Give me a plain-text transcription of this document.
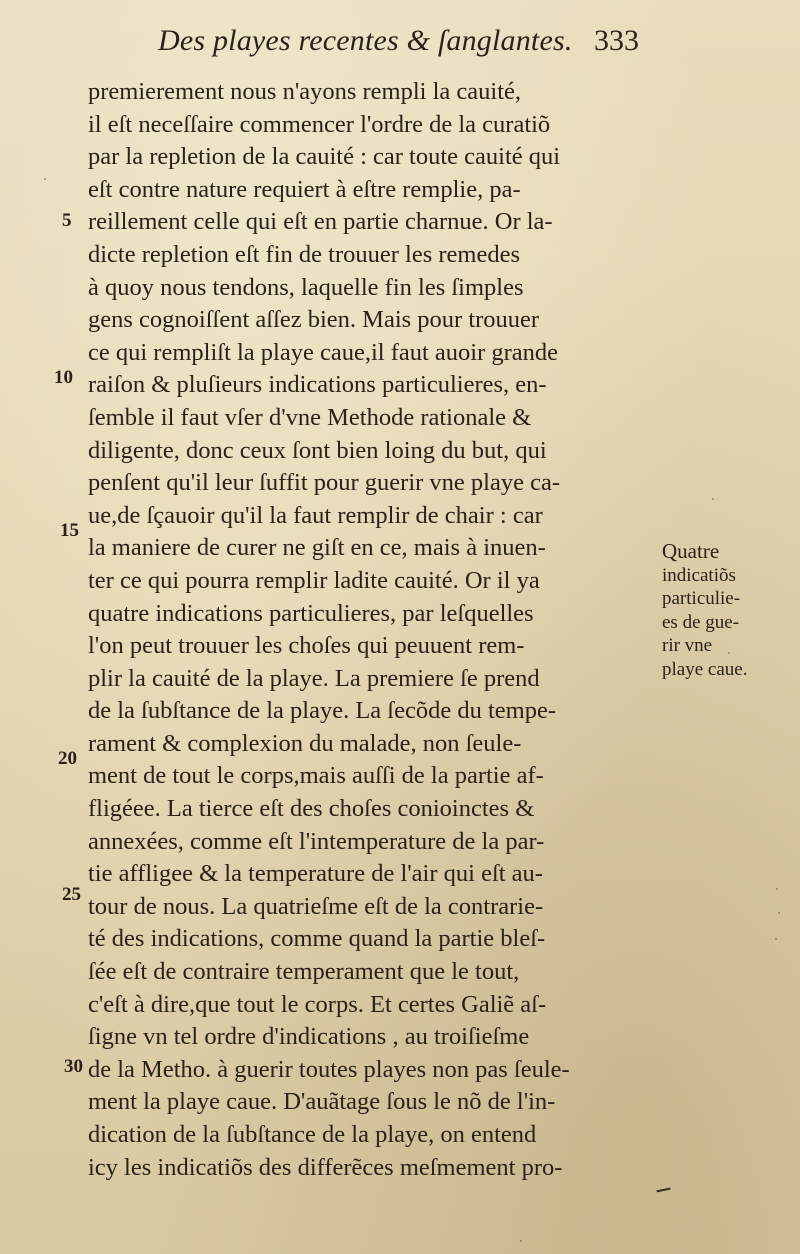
Des playes recentes & ſanglantes. 333
5
10
15
20
25
30
premierement nous n'ayons rempli la cauité,
il eſt neceſſaire commencer l'ordre de la curatiõ
par la repletion de la cauité : car toute cauité qui
eſt contre nature requiert à eſtre remplie, pa-
reillement celle qui eſt en partie charnue. Or la-
dicte repletion eſt fin de trouuer les remedes
à quoy nous tendons, laquelle fin les ſimples
gens cognoiſſent aſſez bien. Mais pour trouuer
ce qui rempliſt la playe caue,il faut auoir grande
raiſon & pluſieurs indications particulieres, en-
ſemble il faut vſer d'vne Methode rationale &
diligente, donc ceux ſont bien loing du but, qui
penſent qu'il leur ſuffit pour guerir vne playe ca-
ue,de ſçauoir qu'il la faut remplir de chair : car
la maniere de curer ne giſt en ce, mais à inuen-
ter ce qui pourra remplir ladite cauité. Or il ya
quatre indications particulieres, par leſquelles
l'on peut trouuer les choſes qui peuuent rem-
plir la cauité de la playe. La premiere ſe prend
de la ſubſtance de la playe. La ſecõde du tempe-
rament & complexion du malade, non ſeule-
ment de tout le corps,mais auſſi de la partie af-
fligéee. La tierce eſt des choſes conioinctes &
annexées, comme eſt l'intemperature de la par-
tie affligee & la temperature de l'air qui eſt au-
tour de nous. La quatrieſme eſt de la contrarie-
té des indications, comme quand la partie bleſ-
ſée eſt de contraire temperament que le tout,
c'eſt à dire,que tout le corps. Et certes Galiẽ aſ-
ſigne vn tel ordre d'indications , au troiſieſme
de la Metho. à guerir toutes playes non pas ſeule-
ment la playe caue. D'auãtage ſous le nõ de l'in-
dication de la ſubſtance de la playe, on entend
icy les indicatiõs des differẽces meſmement pro-
Quatre
indicatiõs
particulie-
es de gue-
rir vne
playe caue.
